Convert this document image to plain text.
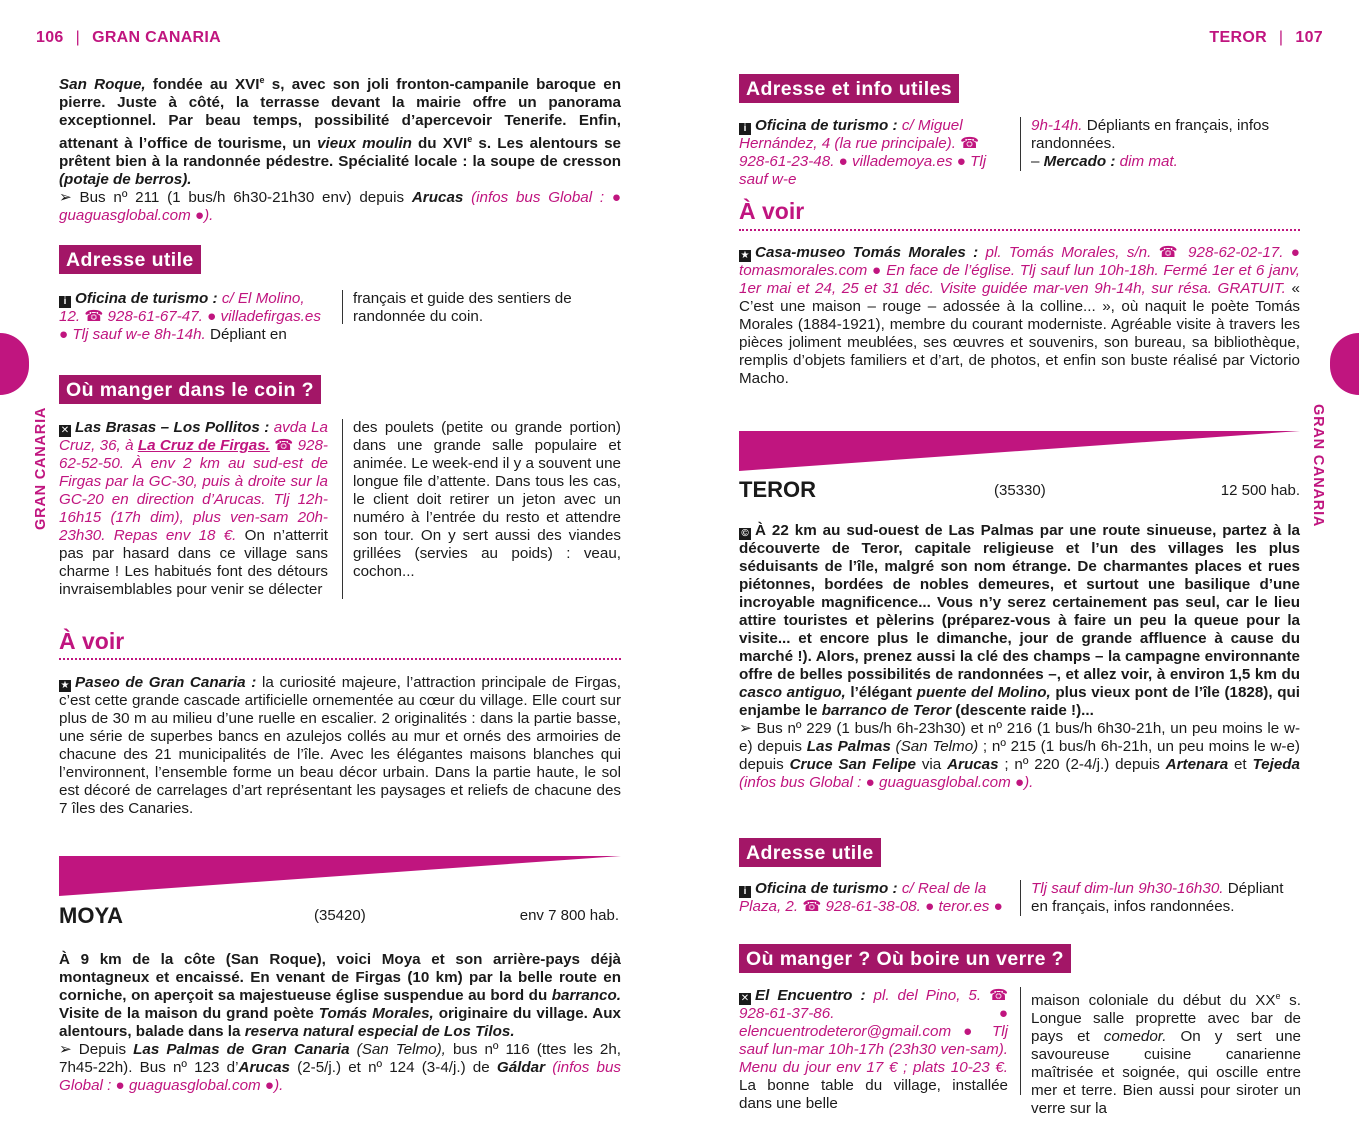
106 | GRAN CANARIA
San Roque, fondée au XVIe s, avec son joli fronton-campanile baroque en pierre. Juste à côté, la terrasse devant la mairie offre un panorama exceptionnel. Par beau temps, possibilité d’apercevoir Tenerife. Enfin, attenant à l’office de tourisme, un vieux moulin du XVIe s. Les alentours se prêtent bien à la randonnée pédestre. Spécialité locale : la soupe de cresson (potaje de berros).
➢ Bus nº 211 (1 bus/h 6h30-21h30 env) depuis Arucas (infos bus Global : ● guaguasglobal.com ●).
Adresse utile
i Oficina de turismo : c/ El Molino, 12. ☎ 928-61-67-47. ● villadefirgas.es ● Tlj sauf w-e 8h-14h. Dépliant en
français et guide des sentiers de randonnée du coin.
Où manger dans le coin ?
✕ Las Brasas – Los Pollitos : avda La Cruz, 36, à La Cruz de Firgas. ☎ 928-62-52-50. À env 2 km au sud-est de Firgas par la GC-30, puis à droite sur la GC-20 en direction d’Arucas. Tlj 12h-16h15 (17h dim), plus ven-sam 20h-23h30. Repas env 18 €. On n’atterrit pas par hasard dans ce village sans charme ! Les habitués font des détours invraisemblables pour venir se délecter
des poulets (petite ou grande portion) dans une grande salle populaire et animée. Le week-end il y a souvent une longue file d’attente. Dans tous les cas, le client doit retirer un jeton avec un numéro à l’entrée du resto et attendre son tour. On y sert aussi des viandes grillées (servies au poids) : veau, cochon...
À voir
★ Paseo de Gran Canaria : la curiosité majeure, l’attraction principale de Firgas, c’est cette grande cascade artificielle ornementée au cœur du village. Elle court sur plus de 30 m au milieu d’une ruelle en escalier. 2 originalités : dans la partie basse, une série de superbes bancs en azulejos collés au mur et ornés des armoiries de chacune des 21 municipalités de l’île. Avec les élégantes maisons blanches qui l’environnent, l’ensemble forme un beau décor urbain. Dans la partie haute, le sol est décoré de carrelages d’art représentant les paysages et reliefs de chacune des 7 îles des Canaries.
MOYA	(35420)	env 7 800 hab.
À 9 km de la côte (San Roque), voici Moya et son arrière-pays déjà montagneux et encaissé. En venant de Firgas (10 km) par la belle route en corniche, on aperçoit sa majestueuse église suspendue au bord du barranco. Visite de la maison du grand poète Tomás Morales, originaire du village. Aux alentours, balade dans la reserva natural especial de Los Tilos.
➢ Depuis Las Palmas de Gran Canaria (San Telmo), bus nº 116 (ttes les 2h, 7h45-22h). Bus nº 123 d’Arucas (2-5/j.) et nº 124 (3-4/j.) de Gáldar (infos bus Global : ● guaguasglobal.com ●).
GRAN CANARIA
TEROR | 107
Adresse et info utiles
i Oficina de turismo : c/ Miguel Hernández, 4 (la rue principale). ☎ 928-61-23-48. ● villademoya.es ● Tlj sauf w-e
9h-14h. Dépliants en français, infos randonnées.
– Mercado : dim mat.
À voir
★ Casa-museo Tomás Morales : pl. Tomás Morales, s/n. ☎ 928-62-02-17. ● tomasmorales.com ● En face de l’église. Tlj sauf lun 10h-18h. Fermé 1er et 6 janv, 1er mai et 24, 25 et 31 déc. Visite guidée mar-ven 9h-14h, sur résa. GRATUIT. « C’est une maison – rouge – adossée à la colline... », où naquit le poète Tomás Morales (1884-1921), membre du courant moderniste. Agréable visite à travers les pièces joliment meublées, ses œuvres et souvenirs, son bureau, sa bibliothèque, remplis d’objets familiers et d’art, de photos, et enfin son buste réalisé par Victorio Macho.
TEROR	(35330)	12 500 hab.
© À 22 km au sud-ouest de Las Palmas par une route sinueuse, partez à la découverte de Teror, capitale religieuse et l’un des villages les plus séduisants de l’île, malgré son nom étrange. De charmantes places et rues piétonnes, bordées de nobles demeures, et surtout une basilique d’une incroyable magnificence... Vous n’y serez certainement pas seul, car le lieu attire touristes et pèlerins (préparez-vous à faire un peu la queue pour la visite... et encore plus le dimanche, jour de grande affluence à cause du marché !). Alors, prenez aussi la clé des champs – la campagne environnante offre de belles possibilités de randonnées –, et allez voir, à environ 1,5 km du casco antiguo, l’élégant puente del Molino, plus vieux pont de l’île (1828), qui enjambe le barranco de Teror (descente raide !)...
➢ Bus nº 229 (1 bus/h 6h-23h30) et nº 216 (1 bus/h 6h30-21h, un peu moins le w-e) depuis Las Palmas (San Telmo) ; nº 215 (1 bus/h 6h-21h, un peu moins le w-e) depuis Cruce San Felipe via Arucas ; nº 220 (2-4/j.) depuis Artenara et Tejeda (infos bus Global : ● guaguasglobal.com ●).
Adresse utile
i Oficina de turismo : c/ Real de la Plaza, 2. ☎ 928-61-38-08. ● teror.es ●
Tlj sauf dim-lun 9h30-16h30. Dépliant en français, infos randonnées.
Où manger ? Où boire un verre ?
✕ El Encuentro : pl. del Pino, 5. ☎ 928-61-37-86. ● elencuentrodeteror@gmail.com ● Tlj sauf lun-mar 10h-17h (23h30 ven-sam). Menu du jour env 17 € ; plats 10-23 €. La bonne table du village, installée dans une belle
maison coloniale du début du XXe s. Longue salle proprette avec bar de pays et comedor. On y sert une savoureuse cuisine canarienne maîtrisée et soignée, qui oscille entre mer et terre. Bien aussi pour siroter un verre sur la
GRAN CANARIA
